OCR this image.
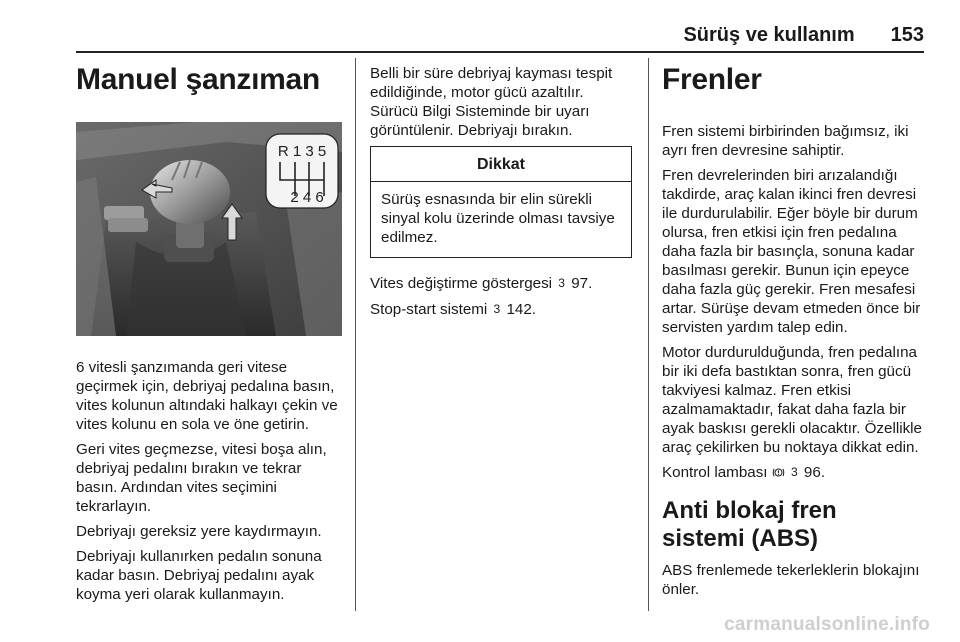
Sürüş ve kullanım 153
Manuel şanzıman
R 1 3 5
2 4 6

6 vitesli şanzımanda geri vitese geçirmek için, debriyaj pedalına basın, vites kolunun altındaki halkayı çekin ve vites kolunu en sola ve öne getirin.

Geri vites geçmezse, vitesi boşa alın, debriyaj pedalını bırakın ve tekrar basın. Ardından vites seçimini tekrarlayın.

Debriyajı gereksiz yere kaydırmayın.

Debriyajı kullanırken pedalın sonuna kadar basın. Debriyaj pedalını ayak koyma yeri olarak kullanmayın.

Belli bir süre debriyaj kayması tespit edildiğinde, motor gücü azaltılır. Sürücü Bilgi Sisteminde bir uyarı görüntülenir. Debriyajı bırakın.

Dikkat
Sürüş esnasında bir elin sürekli sinyal kolu üzerinde olması tavsiye edilmez.

Vites değiştirme göstergesi 3 97.

Stop-start sistemi 3 142.

Frenler

Fren sistemi birbirinden bağımsız, iki ayrı fren devresine sahiptir.

Fren devrelerinden biri arızalandığı takdirde, araç kalan ikinci fren devresi ile durdurulabilir. Eğer böyle bir durum olursa, fren etkisi için fren pedalına daha fazla bir basınçla, sonuna kadar basılması gerekir. Bunun için epeyce daha fazla güç gerekir. Fren mesafesi artar. Sürüşe devam etmeden önce bir servisten yardım talep edin.

Motor durdurulduğunda, fren pedalına bir iki defa bastıktan sonra, fren gücü takviyesi kalmaz. Fren etkisi azalmamaktadır, fakat daha fazla bir ayak baskısı gerekli olacaktır. Özellikle araç çekilirken bu noktaya dikkat edin.

Kontrol lambası 3 96.

Anti blokaj fren sistemi (ABS)

ABS frenlemede tekerleklerin blokajını önler.

carmanualsonline.info
